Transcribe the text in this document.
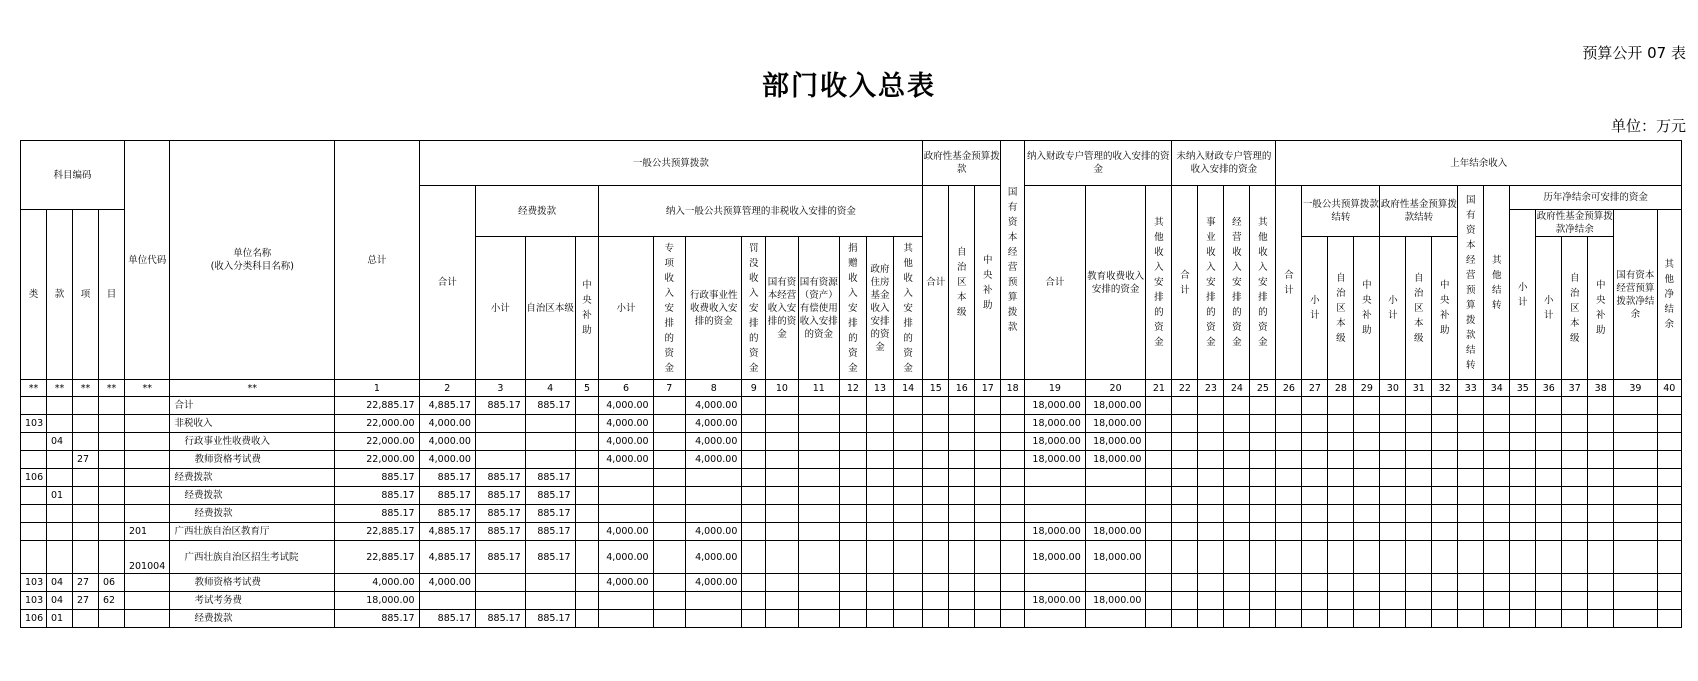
预算公开 07 表
部门收入总表
单位：万元
科目编码				单位代码	单位名称
(收入分类科目名称)	总计	一般公共预算拨款													政府性基金预算拨款			国有资本经营预算拨款	纳入财政专户管理的收入安排的资金			未纳入财政专户管理的收入安排的资金				上年结余收入														
							合计	经费拨款			纳入一般公共预算管理的非税收入安排的资金									合计	自治区本级	中央补助		合计	教育收费收入安排的资金	其他收入安排的资金	合计	事业收入安排的资金	经营收入安排的资金	其他收入安排的资金	合计	一般公共预算拨款结转			政府性基金预算拨款结转			国有资本经营预算拨款结转	其他结转	历年净结余可安排的资金					
类	款	项	目																																					小计	政府性基金预算拨款净结余			国有资本经营预算拨款净结余	其他净结余
								小计	自治区本级	中央补助	小计	专项收入安排的资金	行政事业性收费收入安排的资金	罚没收入安排的资金	国有资本经营收入安排的资金	国有资源（资产）有偿使用收入安排的资金	捐赠收入安排的资金	政府住房基金收入安排的资金	其他收入安排的资金													小计	自治区本级	中央补助	小计	自治区本级	中央补助				小计	自治区本级	中央补助		
**	**	**	**	**	**	1	2	3	4	5	6	7	8	9	10	11	12	13	14	15	16	17	18	19	20	21	22	23	24	25	26	27	28	29	30	31	32	33	34	35	36	37	38	39	40
					合计	22,885.17	4,885.17	885.17	885.17		4,000.00		4,000.00											18,000.00	18,000.00																				
103					非税收入	22,000.00	4,000.00				4,000.00		4,000.00											18,000.00	18,000.00																				
	04				行政事业性收费收入	22,000.00	4,000.00				4,000.00		4,000.00											18,000.00	18,000.00																				
		27			教师资格考试费	22,000.00	4,000.00				4,000.00		4,000.00											18,000.00	18,000.00																				
106					经费拨款	885.17	885.17	885.17	885.17																																				
	01				经费拨款	885.17	885.17	885.17	885.17																																				
					经费拨款	885.17	885.17	885.17	885.17																																				
				201	广西壮族自治区教育厅	22,885.17	4,885.17	885.17	885.17		4,000.00		4,000.00											18,000.00	18,000.00																				
				201004	广西壮族自治区招生考试院	22,885.17	4,885.17	885.17	885.17		4,000.00		4,000.00											18,000.00	18,000.00																				
103	04	27	06		教师资格考试费	4,000.00	4,000.00				4,000.00		4,000.00																																
103	04	27	62		考试考务费	18,000.00																		18,000.00	18,000.00																				
106	01				经费拨款	885.17	885.17	885.17	885.17																																				
